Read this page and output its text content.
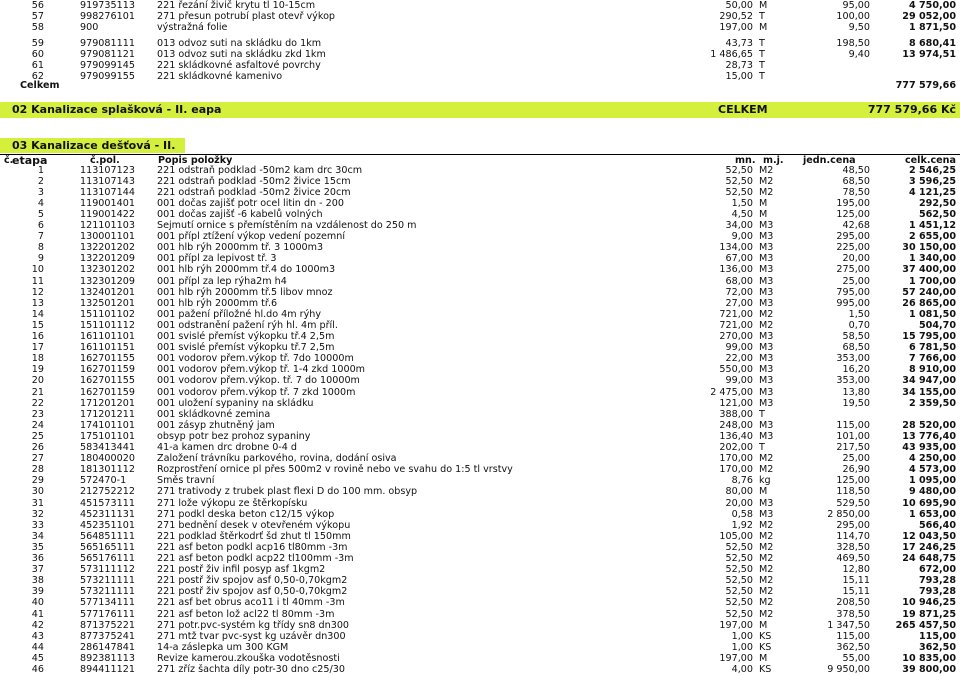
56	919735113 221 řezání živič krytu tl 10-15cm	50,00 M	95,00	4 750,00
57	998276101 271 přesun potrubí plast otevř výkop	290,52 T	100,00	29 052,00
58	900	výstražná folie	197,00 M	9,50	1 871,50
59	979081111 013 odvoz suti na skládku do 1km	43,73 T	198,50	8 680,41
60	979081121 013 odvoz suti na skládku zkd 1km	1 486,65 T	9,40	13 974,51
61	979099145 221 skládkovné asfaltové povrchy	28,73 T
62	979099155 221 skládkovné kamenivo	15,00 T
Celkem	777 579,66
02 Kanalizace splašková - II. eapa	CELKEM	777 579,66 Kč
03 Kanalizace dešťová - II. etapa
č.	č.pol.	Popis položky	mn. m.j. jedn.cena	celk.cena
1	113107123 221 odstraň podklad -50m2 kam drc 30cm	52,50 M2	48,50	2 546,25
2	113107143 221 odstraň podklad -50m2 živice 15cm	52,50 M2	68,50	3 596,25
3	113107144 221 odstraň podklad -50m2 živice 20cm	52,50 M2	78,50	4 121,25
4	119001401 001 dočas zajišť potr ocel litin dn - 200	1,50 M	195,00	292,50
5	119001422 001 dočas zajišť -6 kabelů volných	4,50 M	125,00	562,50
6	121101103 Sejmutí ornice s přemístěním na vzdálenost do 250 m	34,00 M3	42,68	1 451,12
7	130001101 001 přípl ztížení výkop vedení pozemní	9,00 M3	295,00	2 655,00
8	132201202 001 hlb rýh 2000mm tř. 3 1000m3	134,00 M3	225,00	30 150,00
9	132201209 001 přípl za lepivost tř. 3	67,00 M3	20,00	1 340,00
10	132301202 001 hlb rýh 2000mm tř.4 do 1000m3	136,00 M3	275,00	37 400,00
11	132301209 001 přípl za lep rýha2m h4	68,00 M3	25,00	1 700,00
12	132401201 001 hlb rýh 2000mm tř.5 libov mnoz	72,00 M3	795,00	57 240,00
13	132501201 001 hlb rýh 2000mm tř.6	27,00 M3	995,00	26 865,00
14	151101102 001 pažení příložné hl.do 4m rýhy	721,00 M2	1,50	1 081,50
15	151101112 001 odstranění pažení rýh hl. 4m příl.	721,00 M2	0,70	504,70
16	161101101 001 svislé přemíst výkopku tř.4 2,5m	270,00 M3	58,50	15 795,00
17	161101151 001 svislé přemíst výkopku tř.7 2,5m	99,00 M3	68,50	6 781,50
18	162701155 001 vodorov přem.výkop tř. 7do 10000m	22,00 M3	353,00	7 766,00
19	162701159 001 vodorov přem.výkop tř. 1-4 zkd 1000m	550,00 M3	16,20	8 910,00
20	162701155 001 vodorov přem.výkop. tř. 7 do 10000m	99,00 M3	353,00	34 947,00
21	162701159 001 vodorov přem.výkop tř. 7 zkd 1000m	2 475,00 M3	13,80	34 155,00
22	171201201 001 uložení sypaniny na skládku	121,00 M3	19,50	2 359,50
23	171201211 001 skládkovné zemina	388,00 T
24	174101101 001 zásyp zhutněný jam	248,00 M3	115,00	28 520,00
25	175101101 obsyp potr bez prohoz sypaniny	136,40 M3	101,00	13 776,40
26	583413441 41-a kamen drc drobne 0-4 d	202,00 T	217,50	43 935,00
27	180400020 Založení trávníku parkového, rovina, dodání osiva	170,00 M2	25,00	4 250,00
28	181301112 Rozprostření ornice pl přes 500m2 v rovině nebo ve svahu do 1:5 tl vrstvy	170,00 M2	26,90	4 573,00
29	572470-1	Směs travní	8,76 kg	125,00	1 095,00
30	212752212 271 trativody z trubek plast flexi D do 100 mm. obsyp	80,00 M	118,50	9 480,00
31	451573111 271 lože výkopu ze štěrkopísku	20,00 M3	529,50	10 695,90
32	452311131 271 podkl deska beton c12/15 výkop	0,58 M3	2 850,00	1 653,00
33	452351101 271 bednění desek v otevřeném výkopu	1,92 M2	295,00	566,40
34	564851111 221 podklad štěrkodrť šd zhut tl 150mm	105,00 M2	114,70	12 043,50
35	565165111 221 asf beton podkl acp16 tl80mm -3m	52,50 M2	328,50	17 246,25
36	565176111 221 asf beton podkl acp22 tl100mm -3m	52,50 M2	469,50	24 648,75
37	573111112 221 postř živ infil posyp asf 1kgm2	52,50 M2	12,80	672,00
38	573211111 221 postř živ spojov asf 0,50-0,70kgm2	52,50 M2	15,11	793,28
39	573211111 221 postř živ spojov asf 0,50-0,70kgm2	52,50 M2	15,11	793,28
40	577134111 221 asf bet obrus aco11 i tl 40mm -3m	52,50 M2	208,50	10 946,25
41	577176111 221 asf beton lož acl22 tl 80mm -3m	52,50 M2	378,50	19 871,25
42	871375221 271 potr.pvc-systém kg třídy sn8 dn300	197,00 M	1 347,50	265 457,50
43	877375241 271 mtž tvar pvc-syst kg uzávěr dn300	1,00 KS	115,00	115,00
44	286147841 14-a záslepka um 300 KGM	1,00 KS	362,50	362,50
45	892381113 Revize kamerou.zkouška vodotěsnosti	197,00 M	55,00	10 835,00
46	894411121 271 zříz šachta díly potr-30 dno c25/30	4,00 KS	9 950,00	39 800,00
